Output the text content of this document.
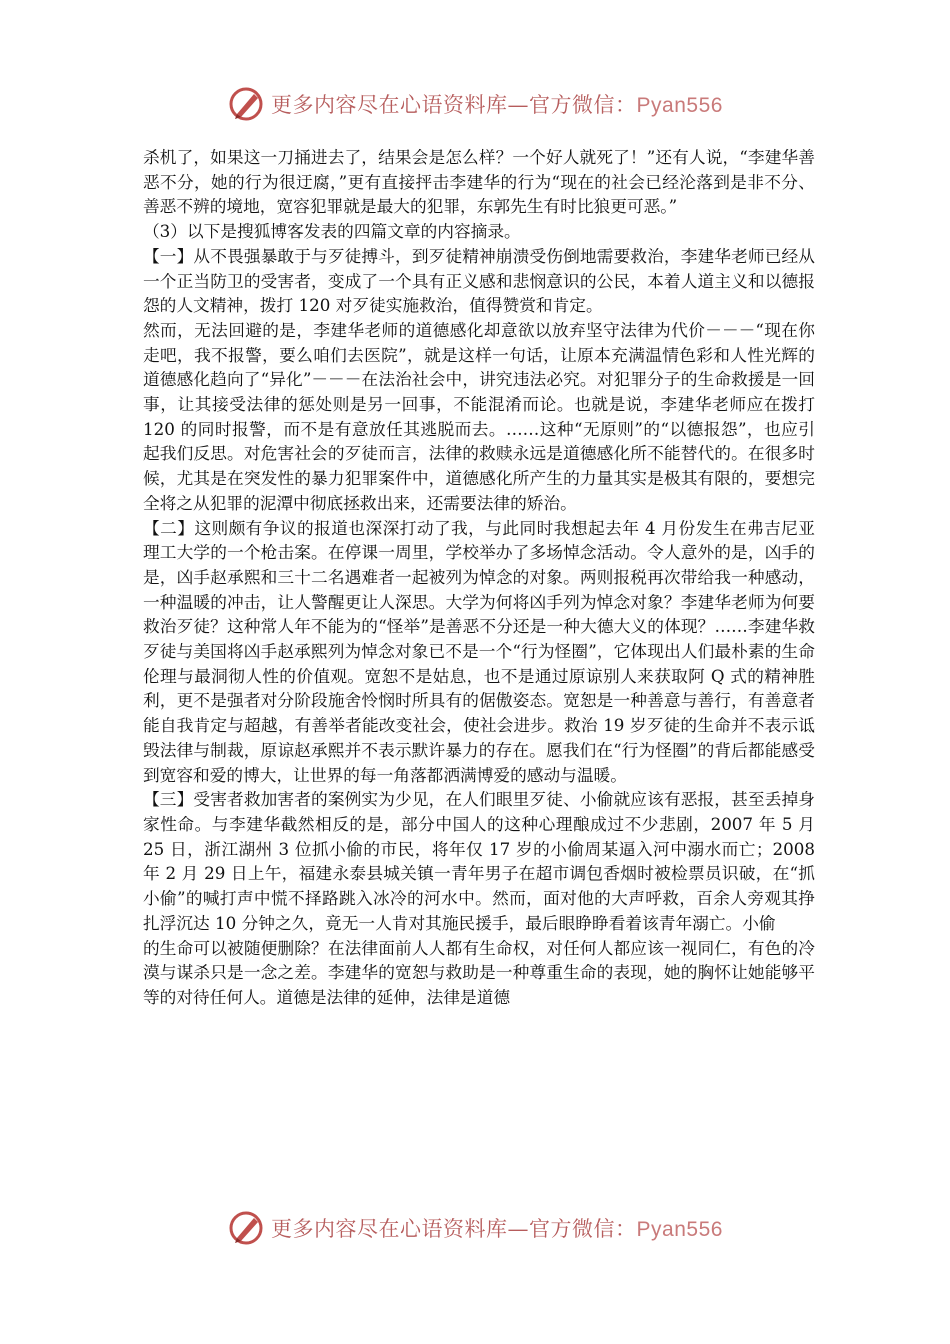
更多内容尽在心语资料库—官方微信：Pyan556

杀机了，如果这一刀捅进去了，结果会是怎么样？一个好人就死了！”还有人说，“李建华善恶不分，她的行为很迂腐，”更有直接抨击李建华的行为“现在的社会已经沦落到是非不分、善恶不辨的境地，宽容犯罪就是最大的犯罪，东郭先生有时比狼更可恶。”

（3）以下是搜狐博客发表的四篇文章的内容摘录。

【一】从不畏强暴敢于与歹徒搏斗，到歹徒精神崩溃受伤倒地需要救治，李建华老师已经从一个正当防卫的受害者，变成了一个具有正义感和悲悯意识的公民，本着人道主义和以德报怨的人文精神，拨打 120 对歹徒实施救治，值得赞赏和肯定。

然而，无法回避的是，李建华老师的道德感化却意欲以放弃坚守法律为代价－－－“现在你走吧，我不报警，要么咱们去医院”，就是这样一句话，让原本充满温情色彩和人性光辉的道德感化趋向了“异化”－－－在法治社会中，讲究违法必究。对犯罪分子的生命救援是一回事，让其接受法律的惩处则是另一回事，不能混淆而论。也就是说，李建华老师应在拨打 120 的同时报警，而不是有意放任其逃脱而去。……这种“无原则”的“以德报怨”，也应引起我们反思。对危害社会的歹徒而言，法律的救赎永远是道德感化所不能替代的。在很多时候，尤其是在突发性的暴力犯罪案件中，道德感化所产生的力量其实是极其有限的，要想完全将之从犯罪的泥潭中彻底拯救出来，还需要法律的矫治。

【二】这则颇有争议的报道也深深打动了我，与此同时我想起去年 4 月份发生在弗吉尼亚理工大学的一个枪击案。在停课一周里，学校举办了多场悼念活动。令人意外的是，凶手的是，凶手赵承熙和三十二名遇难者一起被列为悼念的对象。两则报税再次带给我一种感动，一种温暖的冲击，让人警醒更让人深思。大学为何将凶手列为悼念对象？李建华老师为何要救治歹徒？这种常人年不能为的“怪举”是善恶不分还是一种大德大义的体现？……李建华救歹徒与美国将凶手赵承熙列为悼念对象已不是一个“行为怪圈”，它体现出人们最朴素的生命伦理与最洞彻人性的价值观。宽恕不是姑息，也不是通过原谅别人来获取阿 Q 式的精神胜利，更不是强者对分阶段施舍怜悯时所具有的倨傲姿态。宽恕是一种善意与善行，有善意者能自我肯定与超越，有善举者能改变社会，使社会进步。救治 19 岁歹徒的生命并不表示诋毁法律与制裁，原谅赵承熙并不表示默许暴力的存在。愿我们在“行为怪圈”的背后都能感受到宽容和爱的博大，让世界的每一角落都洒满博爱的感动与温暖。

【三】受害者救加害者的案例实为少见，在人们眼里歹徒、小偷就应该有恶报，甚至丢掉身家性命。与李建华截然相反的是，部分中国人的这种心理酿成过不少悲剧，2007 年 5 月 25 日，浙江湖州 3 位抓小偷的市民，将年仅 17 岁的小偷周某逼入河中溺水而亡；2008 年 2 月 29 日上午，福建永泰县城关镇一青年男子在超市调包香烟时被检票员识破，在“抓小偷”的喊打声中慌不择路跳入冰冷的河水中。然而，面对他的大声呼救，百余人旁观其挣扎浮沉达 10 分钟之久，竟无一人肯对其施民援手，最后眼睁睁看着该青年溺亡。小偷

的生命可以被随便删除？在法律面前人人都有生命权，对任何人都应该一视同仁，有色的冷漠与谋杀只是一念之差。李建华的宽恕与救助是一种尊重生命的表现，她的胸怀让她能够平等的对待任何人。道德是法律的延伸，法律是道德

更多内容尽在心语资料库—官方微信：Pyan556
